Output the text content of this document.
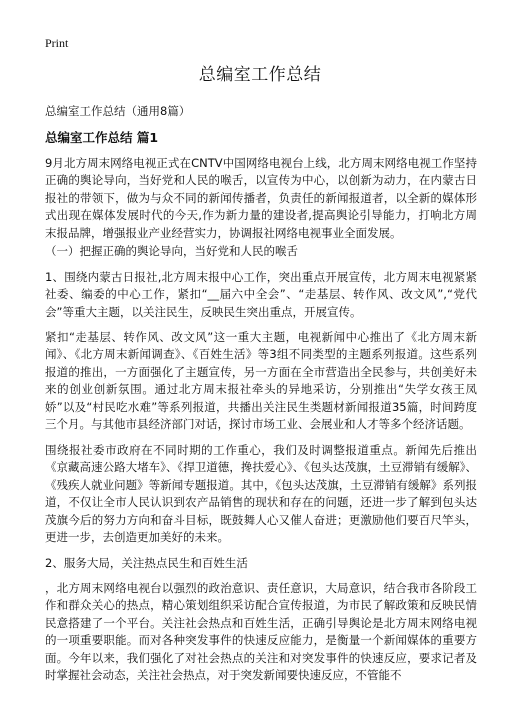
Print
总编室工作总结
总编室工作总结（通用8篇）
总编室工作总结 篇1
9月北方周末网络电视正式在CNTV中国网络电视台上线，北方周末网络电视工作坚持正确的舆论导向，当好党和人民的喉舌，以宣传为中心，以创新为动力，在内蒙古日报社的带领下，做为与众不同的新闻传播者，负责任的新闻报道者，以全新的媒体形式出现在媒体发展时代的今天,作为新力量的建设者,提高舆论引导能力，打响北方周末报品牌，增强报业产业经营实力，协调报社网络电视事业全面发展。
（一）把握正确的舆论导向，当好党和人民的喉舌
1、围绕内蒙古日报社,北方周末报中心工作，突出重点开展宣传，北方周末电视紧紧社委、编委的中心工作，紧扣“__届六中全会”、“走基层、转作风、改文风”,“党代会”等重大主题，以关注民生，反映民生突出重点，开展宣传。
紧扣“走基层、转作风、改文风”这一重大主题，电视新闻中心推出了《北方周末新闻》、《北方周末新闻调查》、《百姓生活》等3组不同类型的主题系列报道。这些系列报道的推出，一方面强化了主题宣传，另一方面在全市营造出全民参与，共创美好未来的创业创新氛围。通过北方周末报社牵头的异地采访，分别推出“失学女孩王凤娇”以及“村民吃水难”等系列报道，共播出关注民生类题材新闻报道35篇，时间跨度三个月。与其他市县经济部门对话，探讨市场工业、会展业和人才等多个经济话题。
围绕报社委市政府在不同时期的工作重心，我们及时调整报道重点。新闻先后推出《京藏高速公路大堵车》、《捍卫道德，搀扶爱心》、《包头达茂旗，土豆滞销有缓解》、《残疾人就业问题》等新闻专题报道。其中，《包头达茂旗，土豆滞销有缓解》系列报道，不仅让全市人民认识到农产品销售的现状和存在的问题，还进一步了解到包头达茂旗今后的努力方向和奋斗目标，既鼓舞人心又催人奋进；更激励他们要百尺竿头，更进一步，去创造更加美好的未来。
2、服务大局，关注热点民生和百姓生活
，北方周末网络电视台以强烈的政治意识、责任意识，大局意识，结合我市各阶段工作和群众关心的热点，精心策划组织采访配合宣传报道，为市民了解政策和反映民情民意搭建了一个平台。关注社会热点和百姓生活，正确引导舆论是北方周末网络电视的一项重要职能。而对各种突发事件的快速反应能力，是衡量一个新闻媒体的重要方面。今年以来，我们强化了对社会热点的关注和对突发事件的快速反应，要求记者及时掌握社会动态，关注社会热点，对于突发新闻要快速反应，不管能不
